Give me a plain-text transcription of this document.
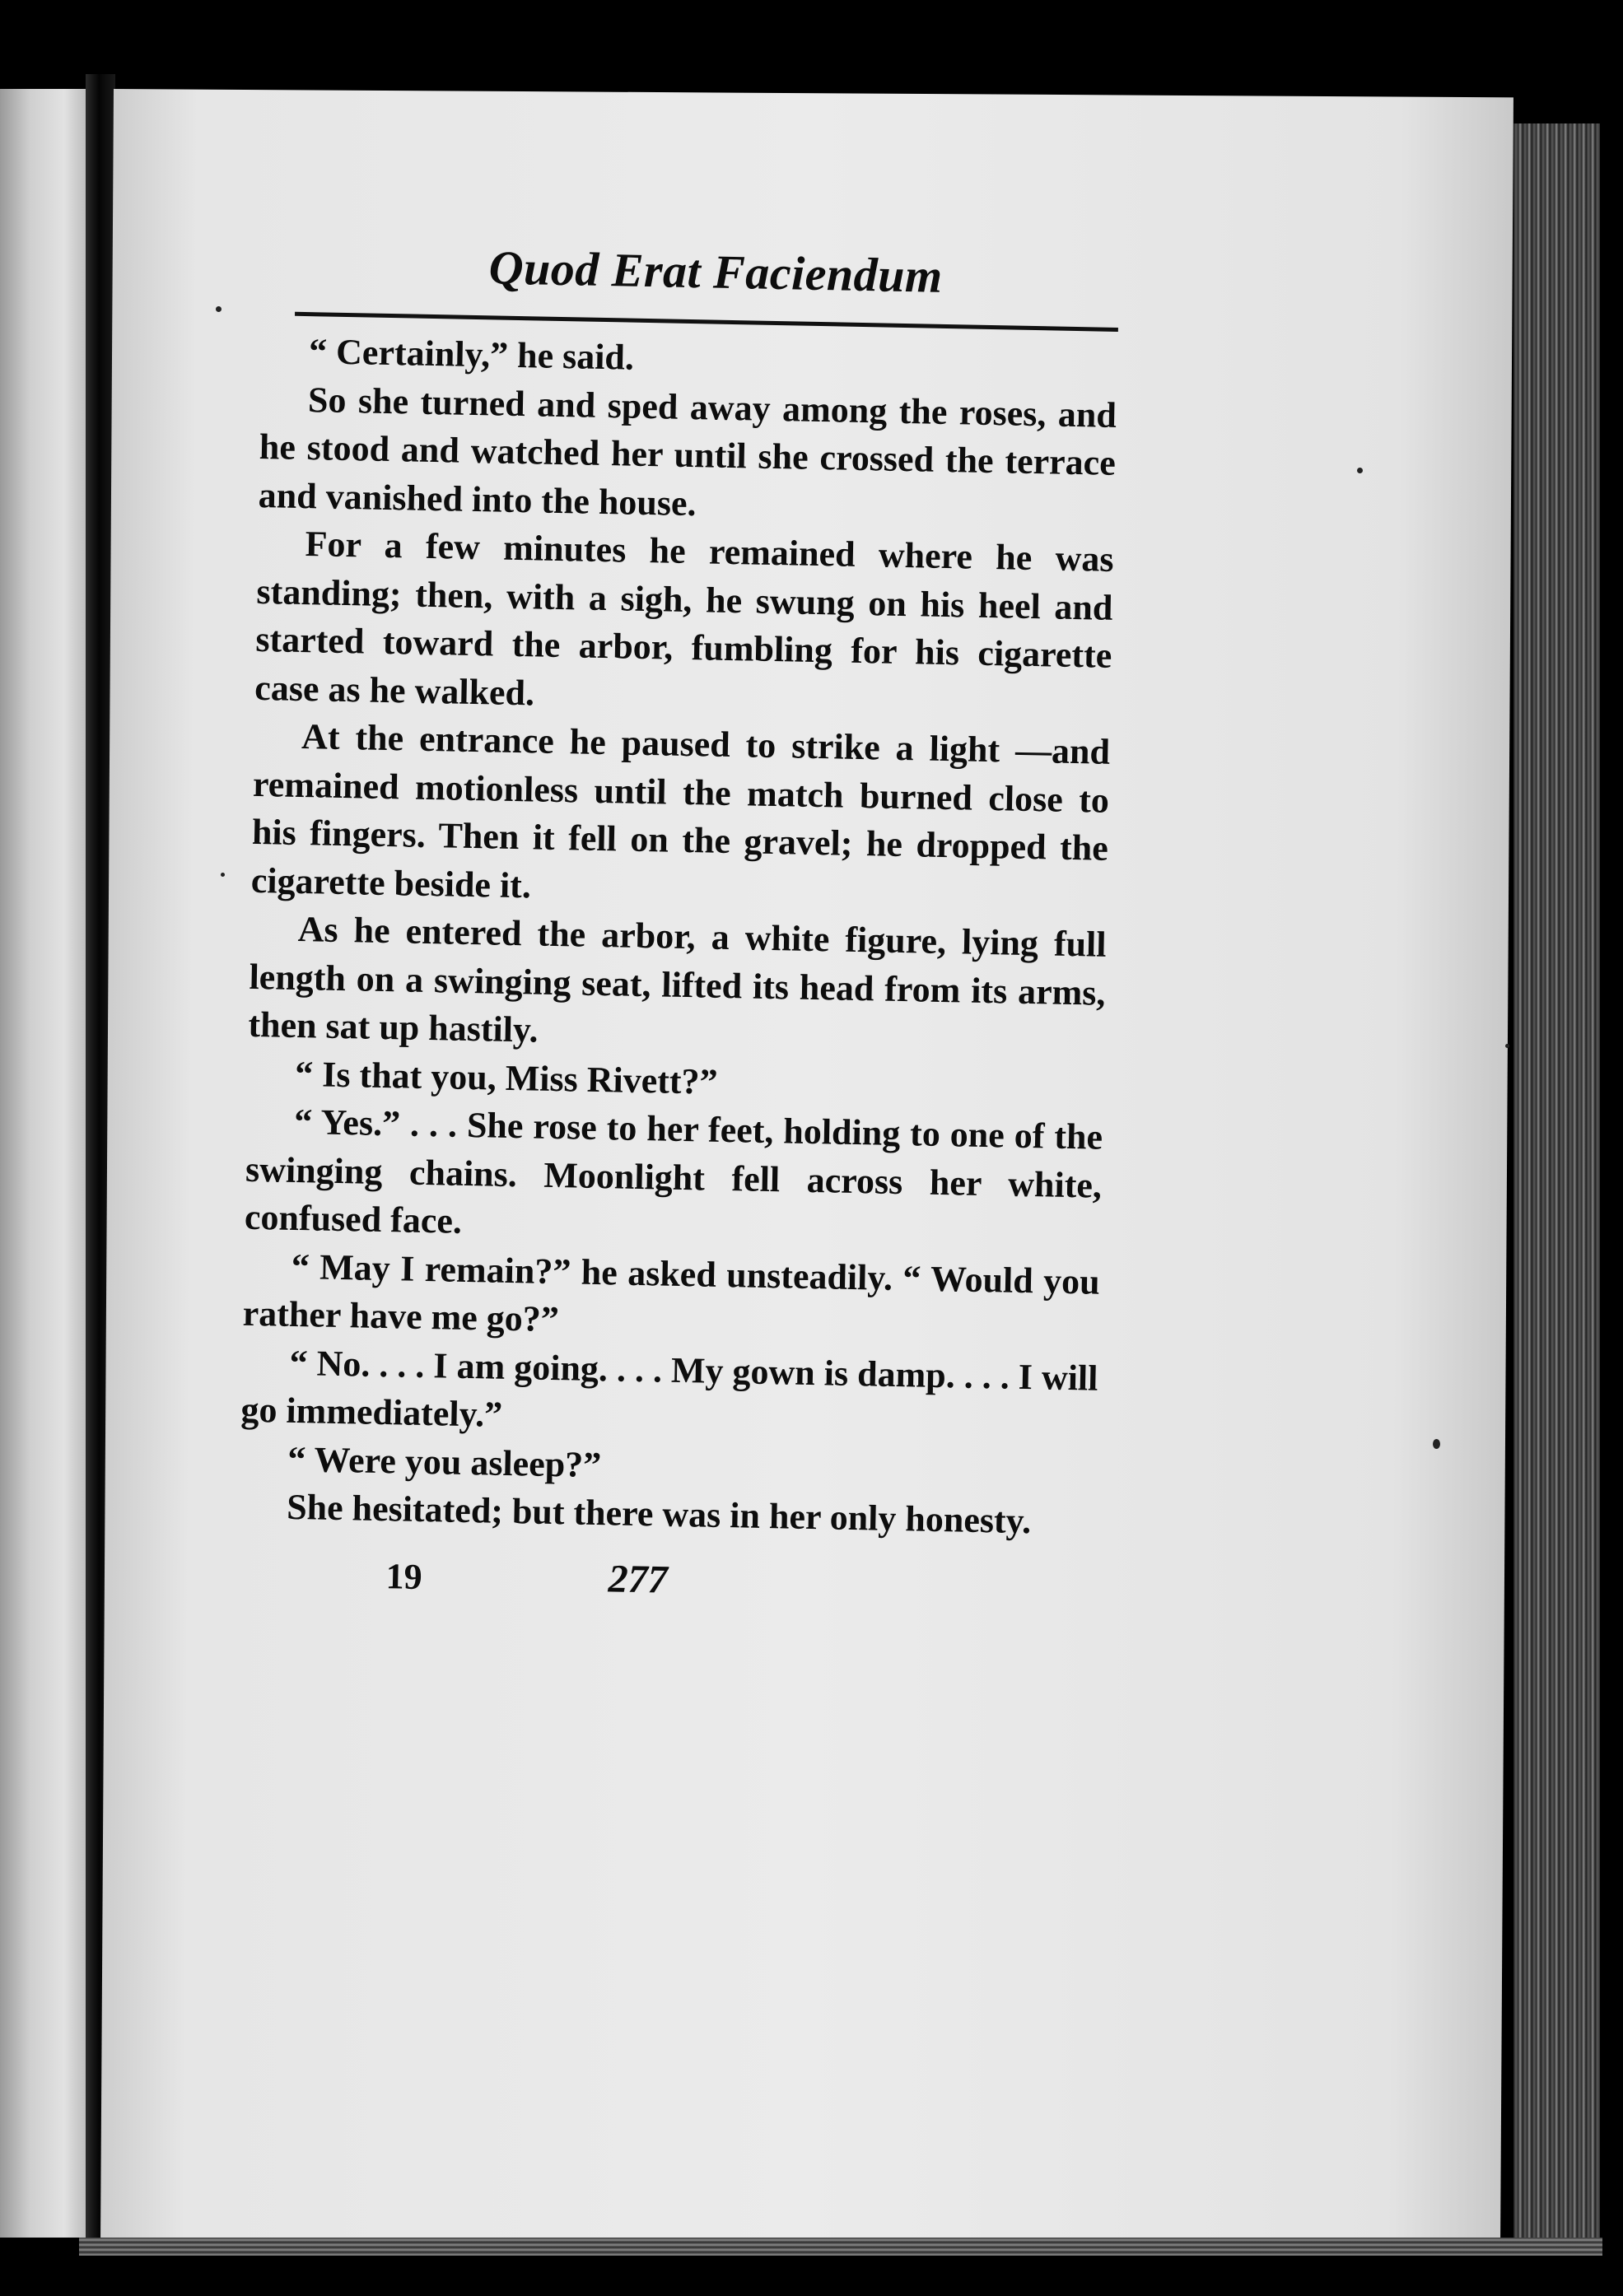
Quod Erat Faciendum

“ Certainly,” he said.

So she turned and sped away among the roses, and he stood and watched her until she crossed the terrace and vanished into the house.

For a few minutes he remained where he was standing; then, with a sigh, he swung on his heel and started toward the arbor, fumbling for his cigarette case as he walked.

At the entrance he paused to strike a light —and remained motionless until the match burned close to his fingers. Then it fell on the gravel; he dropped the cigarette beside it.

As he entered the arbor, a white figure, lying full length on a swinging seat, lifted its head from its arms, then sat up hastily.

“ Is that you, Miss Rivett?”

“ Yes.” . . . She rose to her feet, holding to one of the swinging chains. Moonlight fell across her white, confused face.

“ May I remain?” he asked unsteadily. “ Would you rather have me go?”

“ No. . . . I am going. . . . My gown is damp. . . . I will go immediately.”

“ Were you asleep?”

She hesitated; but there was in her only honesty.

19	277
